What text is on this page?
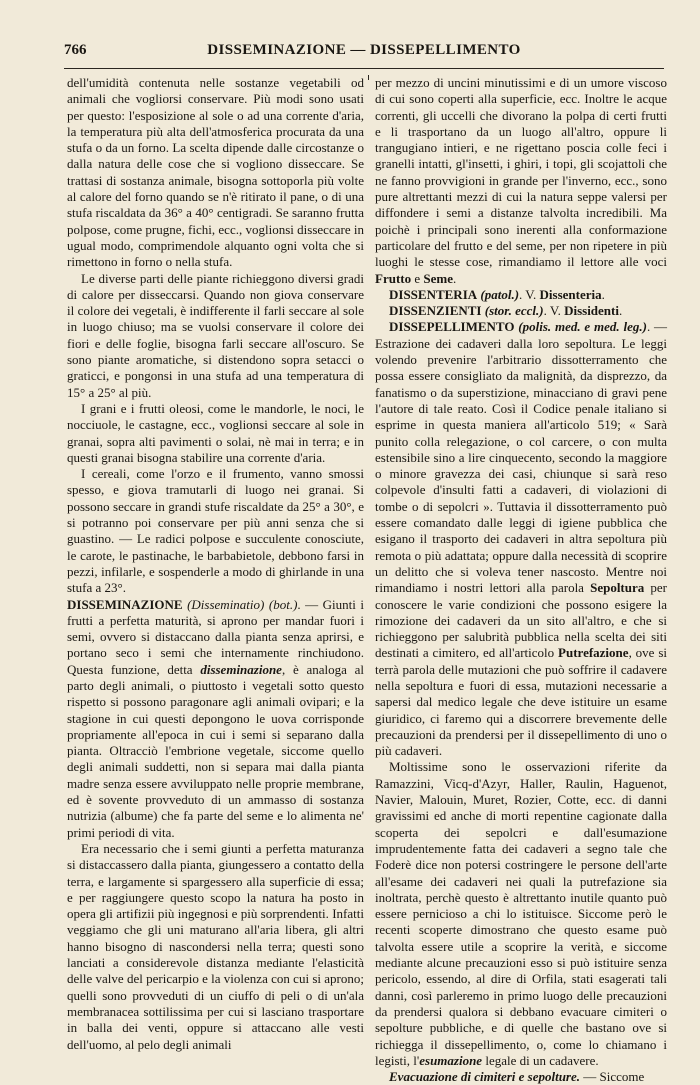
766	DISSEMINAZIONE — DISSEPELLIMENTO

dell'umidità contenuta nelle sostanze vegetabili od animali che vogliorsi conservare. Più modi sono usati per questo: l'esposizione al sole o ad una corrente d'aria, la temperatura più alta dell'atmosferica procurata da una stufa o da un forno. La scelta dipende dalle circostanze o dalla natura delle cose che si vogliono disseccare. Se trattasi di sostanza animale, bisogna sottoporla più volte al calore del forno quando se n'è ritirato il pane, o di una stufa riscaldata da 36° a 40° centigradi. Se saranno frutta polpose, come prugne, fichi, ecc., voglionsi disseccare in ugual modo, comprimendole alquanto ogni volta che si rimettono in forno o nella stufa.

Le diverse parti delle piante richieggono diversi gradi di calore per disseccarsi. Quando non giova conservare il colore dei vegetali, è indifferente il farli seccare al sole in luogo chiuso; ma se vuolsi conservare il colore dei fiori e delle foglie, bisogna farli seccare all'oscuro. Se sono piante aromatiche, si distendono sopra setacci o graticci, e pongonsi in una stufa ad una temperatura di 15° a 25° al più.

I grani e i frutti oleosi, come le mandorle, le noci, le nocciuole, le castagne, ecc., voglionsi seccare al sole in granai, sopra alti pavimenti o solai, nè mai in terra; e in questi granai bisogna stabilire una corrente d'aria.

I cereali, come l'orzo e il frumento, vanno smossi spesso, e giova tramutarli di luogo nei granai. Si possono seccare in grandi stufe riscaldate da 25° a 30°, e si potranno poi conservare per più anni senza che si guastino. — Le radici polpose e succulente conosciute, le carote, le pastinache, le barbabietole, debbono farsi in pezzi, infilarle, e sospenderle a modo di ghirlande in una stufa a 23°.

DISSEMINAZIONE (Disseminatio) (bot.). — Giunti i frutti a perfetta maturità, si aprono per mandar fuori i semi, ovvero si distaccano dalla pianta senza aprirsi, e portano seco i semi che internamente rinchiudono. Questa funzione, detta disseminazione, è analoga al parto degli animali, o piuttosto i vegetali sotto questo rispetto si possono paragonare agli animali ovipari; e la stagione in cui questi depongono le uova corrisponde propriamente all'epoca in cui i semi si separano dalla pianta. Oltracciò l'embrione vegetale, siccome quello degli animali suddetti, non si separa mai dalla pianta madre senza essere avviluppato nelle proprie membrane, ed è sovente provveduto di un ammasso di sostanza nutrizia (albume) che fa parte del seme e lo alimenta ne' primi periodi di vita.

Era necessario che i semi giunti a perfetta maturanza si distaccassero dalla pianta, giungessero a contatto della terra, e largamente si spargessero alla superficie di essa; e per raggiungere questo scopo la natura ha posto in opera gli artifizii più ingegnosi e più sorprendenti. Infatti veggiamo che gli uni maturano all'aria libera, gli altri hanno bisogno di nascondersi nella terra; questi sono lanciati a considerevole distanza mediante l'elasticità delle valve del pericarpio e la violenza con cui si aprono; quelli sono provveduti di un ciuffo di peli o di un'ala membranacea sottilissima per cui si lasciano trasportare in balla dei venti, oppure si attaccano alle vesti dell'uomo, al pelo degli animali

per mezzo di uncini minutissimi e di un umore viscoso di cui sono coperti alla superficie, ecc. Inoltre le acque correnti, gli uccelli che divorano la polpa di certi frutti e li trasportano da un luogo all'altro, oppure li trangugiano intieri, e ne rigettano poscia colle feci i granelli intatti, gl'insetti, i ghiri, i topi, gli scojattoli che ne fanno provvigioni in grande per l'inverno, ecc., sono pure altrettanti mezzi di cui la natura seppe valersi per diffondere i semi a distanze talvolta incredibili. Ma poichè i principali sono inerenti alla conformazione particolare del frutto e del seme, per non ripetere in più luoghi le stesse cose, rimandiamo il lettore alle voci Frutto e Seme.

DISSENTERIA (patol.). V. Dissenteria.

DISSENZIENTI (stor. eccl.). V. Dissidenti.

DISSEPELLIMENTO (polis. med. e med. leg.). — Estrazione dei cadaveri dalla loro sepoltura. Le leggi volendo prevenire l'arbitrario dissotterramento che possa essere consigliato da malignità, da disprezzo, da fanatismo o da superstizione, minacciano di gravi pene l'autore di tale reato. Così il Codice penale italiano si esprime in questa maniera all'articolo 519; « Sarà punito colla relegazione, o col carcere, o con multa estensibile sino a lire cinquecento, secondo la maggiore o minore gravezza dei casi, chiunque si sarà reso colpevole d'insulti fatti a cadaveri, di violazioni di tombe o di sepolcri ». Tuttavia il dissotterramento può essere comandato dalle leggi di igiene pubblica che esigano il trasporto dei cadaveri in altra sepoltura più remota o più adattata; oppure dalla necessità di scoprire un delitto che si voleva tener nascosto. Mentre noi rimandiamo i nostri lettori alla parola Sepoltura per conoscere le varie condizioni che possono esigere la rimozione dei cadaveri da un sito all'altro, e che si richieggono per salubrità pubblica nella scelta dei siti destinati a cimitero, ed all'articolo Putrefazione, ove si terrà parola delle mutazioni che può soffrire il cadavere nella sepoltura e fuori di essa, mutazioni necessarie a sapersi dal medico legale che deve istituire un esame giuridico, ci faremo qui a discorrere brevemente delle precauzioni da prendersi per il dissepellimento di uno o più cadaveri.

Moltissime sono le osservazioni riferite da Ramazzini, Vicq-d'Azyr, Haller, Raulin, Haguenot, Navier, Malouin, Muret, Rozier, Cotte, ecc. di danni gravissimi ed anche di morti repentine cagionate dalla scoperta dei sepolcri e dall'esumazione imprudentemente fatta dei cadaveri a segno tale che Foderè dice non potersi costringere le persone dell'arte all'esame dei cadaveri nei quali la putrefazione sia inoltrata, perchè questo è altrettanto inutile quanto può essere pernicioso a chi lo istituisce. Siccome però le recenti scoperte dimostrano che questo esame può talvolta essere utile a scoprire la verità, e siccome mediante alcune precauzioni esso si può istituire senza pericolo, essendo, al dire di Orfila, stati esagerati tali danni, così parleremo in primo luogo delle precauzioni da prendersi qualora si debbano evacuare cimiteri o sepolture pubbliche, e di quelle che bastano ove si richiegga il dissepellimento, o, come lo chiamano i legisti, l'esumazione legale di un cadavere.

Evacuazione di cimiteri e sepolture. — Siccome
